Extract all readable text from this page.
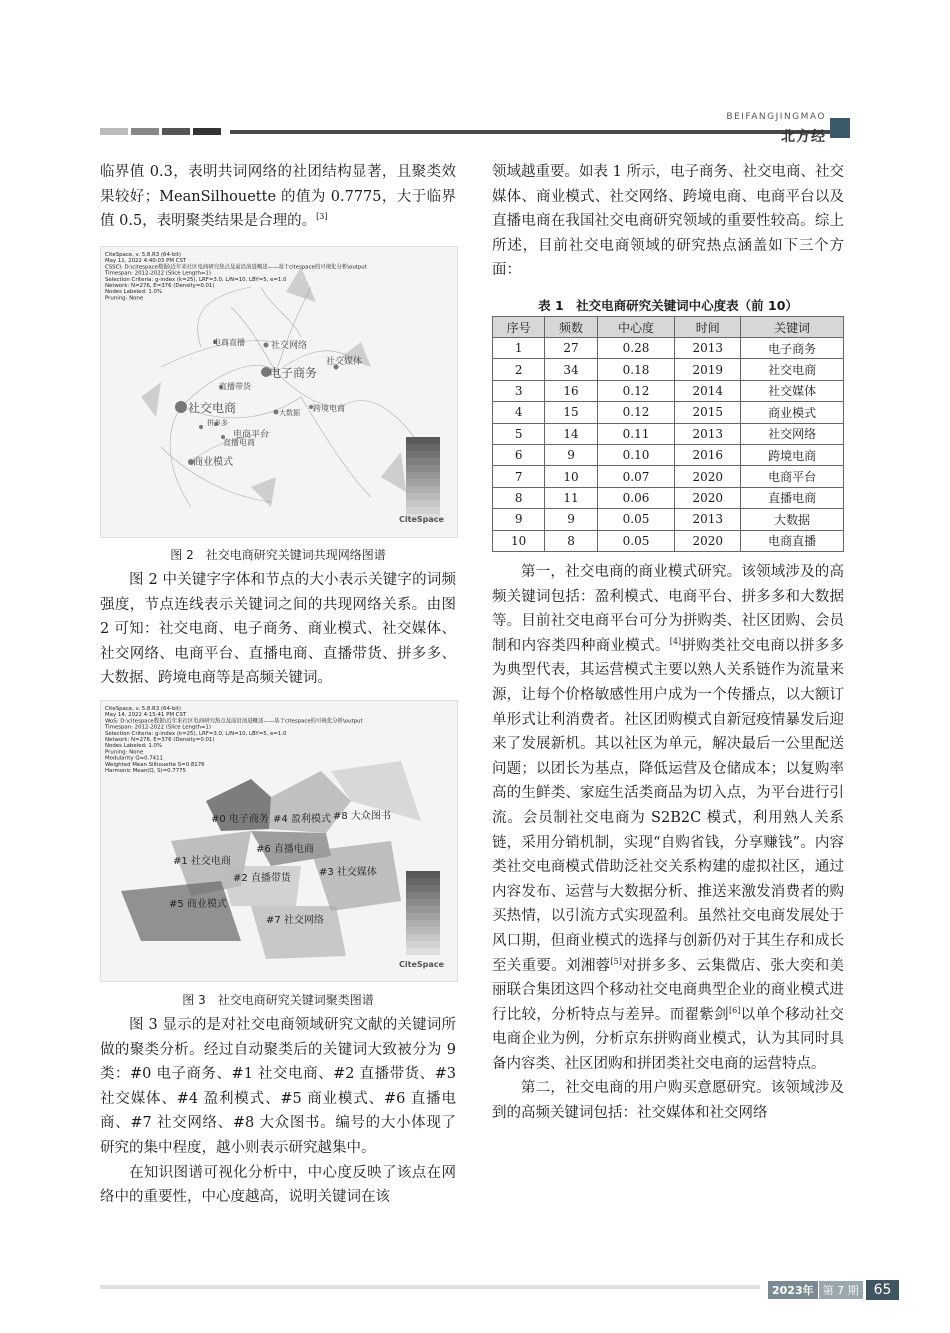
BEIFANGJINGMAO
北方经

临界值 0.3，表明共词网络的社团结构显著，且聚类效果较好；MeanSilhouette 的值为 0.7775，大于临界值 0.5，表明聚类结果是合理的。[3]

CiteSpace, v. 5.8.R3 (64-bit)
May 11, 2022 4:40:03 PM CST
CSSCI: D:\citespace数据\近年来社区电商研究热点及前沿演进概述——基于citespace的可视化分析\output
Timespan: 2012-2022 (Slice Length=1)
Selection Criteria: g-index (k=25), LRF=3.0, L/N=10, LBY=5, e=1.0
Network: N=276, E=376 (Density=0.01)
Nodes Labeled: 1.0%
Pruning: None
电商直播	社交网络
社交媒体
电子商务
直播带货
社交电商
拼多多
跨境电商
大数据
电商平台
直播电商
商业模式
CiteSpace
图 2　社交电商研究关键词共现网络图谱

图 2 中关键字字体和节点的大小表示关键字的词频强度，节点连线表示关键词之间的共现网络关系。由图 2 可知：社交电商、电子商务、商业模式、社交媒体、社交网络、电商平台、直播电商、直播带货、拼多多、大数据、跨境电商等是高频关键词。

CiteSpace, v. 5.8.R3 (64-bit)
May 14, 2022 4:15:41 PM CST
WoS: D:\citespace数据\近年来社区电商研究热点及前沿演进概述——基于citespace的可视化分析\output
Timespan: 2012-2022 (Slice Length=1)
Selection Criteria: g-index (k=25), LRF=3.0, L/N=10, LBY=5, e=1.0
Network: N=276, E=376 (Density=0.01)
Nodes Labeled: 1.0%
Pruning: None
Modularity Q=0.7411
Weighted Mean Silhouette S=0.8176
Harmonic Mean(Q, S)=0.7775
#0 电子商务 #4 盈利模式 #8 大众图书
#6 直播电商
#1 社交电商
#2 直播带货
#3 社交媒体
#5 商业模式
#7 社交网络
CiteSpace
图 3　社交电商研究关键词聚类图谱

图 3 显示的是对社交电商领域研究文献的关键词所做的聚类分析。经过自动聚类后的关键词大致被分为 9 类：#0 电子商务、#1 社交电商、#2 直播带货、#3 社交媒体、#4 盈利模式、#5 商业模式、#6 直播电商、#7 社交网络、#8 大众图书。编号的大小体现了研究的集中程度，越小则表示研究越集中。

在知识图谱可视化分析中，中心度反映了该点在网络中的重要性，中心度越高，说明关键词在该

领域越重要。如表 1 所示，电子商务、社交电商、社交媒体、商业模式、社交网络、跨境电商、电商平台以及直播电商在我国社交电商研究领域的重要性较高。综上所述，目前社交电商领域的研究热点涵盖如下三个方面：

表 1　社交电商研究关键词中心度表（前 10）
序号	频数	中心度	时间	关键词
1	27	0.28	2013	电子商务
2	34	0.18	2019	社交电商
3	16	0.12	2014	社交媒体
4	15	0.12	2015	商业模式
5	14	0.11	2013	社交网络
6	9	0.10	2016	跨境电商
7	10	0.07	2020	电商平台
8	11	0.06	2020	直播电商
9	9	0.05	2013	大数据
10	8	0.05	2020	电商直播

第一，社交电商的商业模式研究。该领域涉及的高频关键词包括：盈利模式、电商平台、拼多多和大数据等。目前社交电商平台可分为拼购类、社区团购、会员制和内容类四种商业模式。[4]拼购类社交电商以拼多多为典型代表，其运营模式主要以熟人关系链作为流量来源，让每个价格敏感性用户成为一个传播点，以大额订单形式让利消费者。社区团购模式自新冠疫情暴发后迎来了发展新机。其以社区为单元，解决最后一公里配送问题；以团长为基点，降低运营及仓储成本；以复购率高的生鲜类、家庭生活类商品为切入点，为平台进行引流。会员制社交电商为 S2B2C 模式，利用熟人关系链，采用分销机制，实现“自购省钱，分享赚钱”。内容类社交电商模式借助泛社交关系构建的虚拟社区，通过内容发布、运营与大数据分析、推送来激发消费者的购买热情，以引流方式实现盈利。虽然社交电商发展处于风口期，但商业模式的选择与创新仍对于其生存和成长至关重要。刘湘蓉[5]对拼多多、云集微店、张大奕和美丽联合集团这四个移动社交电商典型企业的商业模式进行比较，分析特点与差异。而翟紫剑[6]以单个移动社交电商企业为例，分析京东拼购商业模式，认为其同时具备内容类、社区团购和拼团类社交电商的运营特点。

第二，社交电商的用户购买意愿研究。该领域涉及到的高频关键词包括：社交媒体和社交网络

2023年 第 7 期	65
